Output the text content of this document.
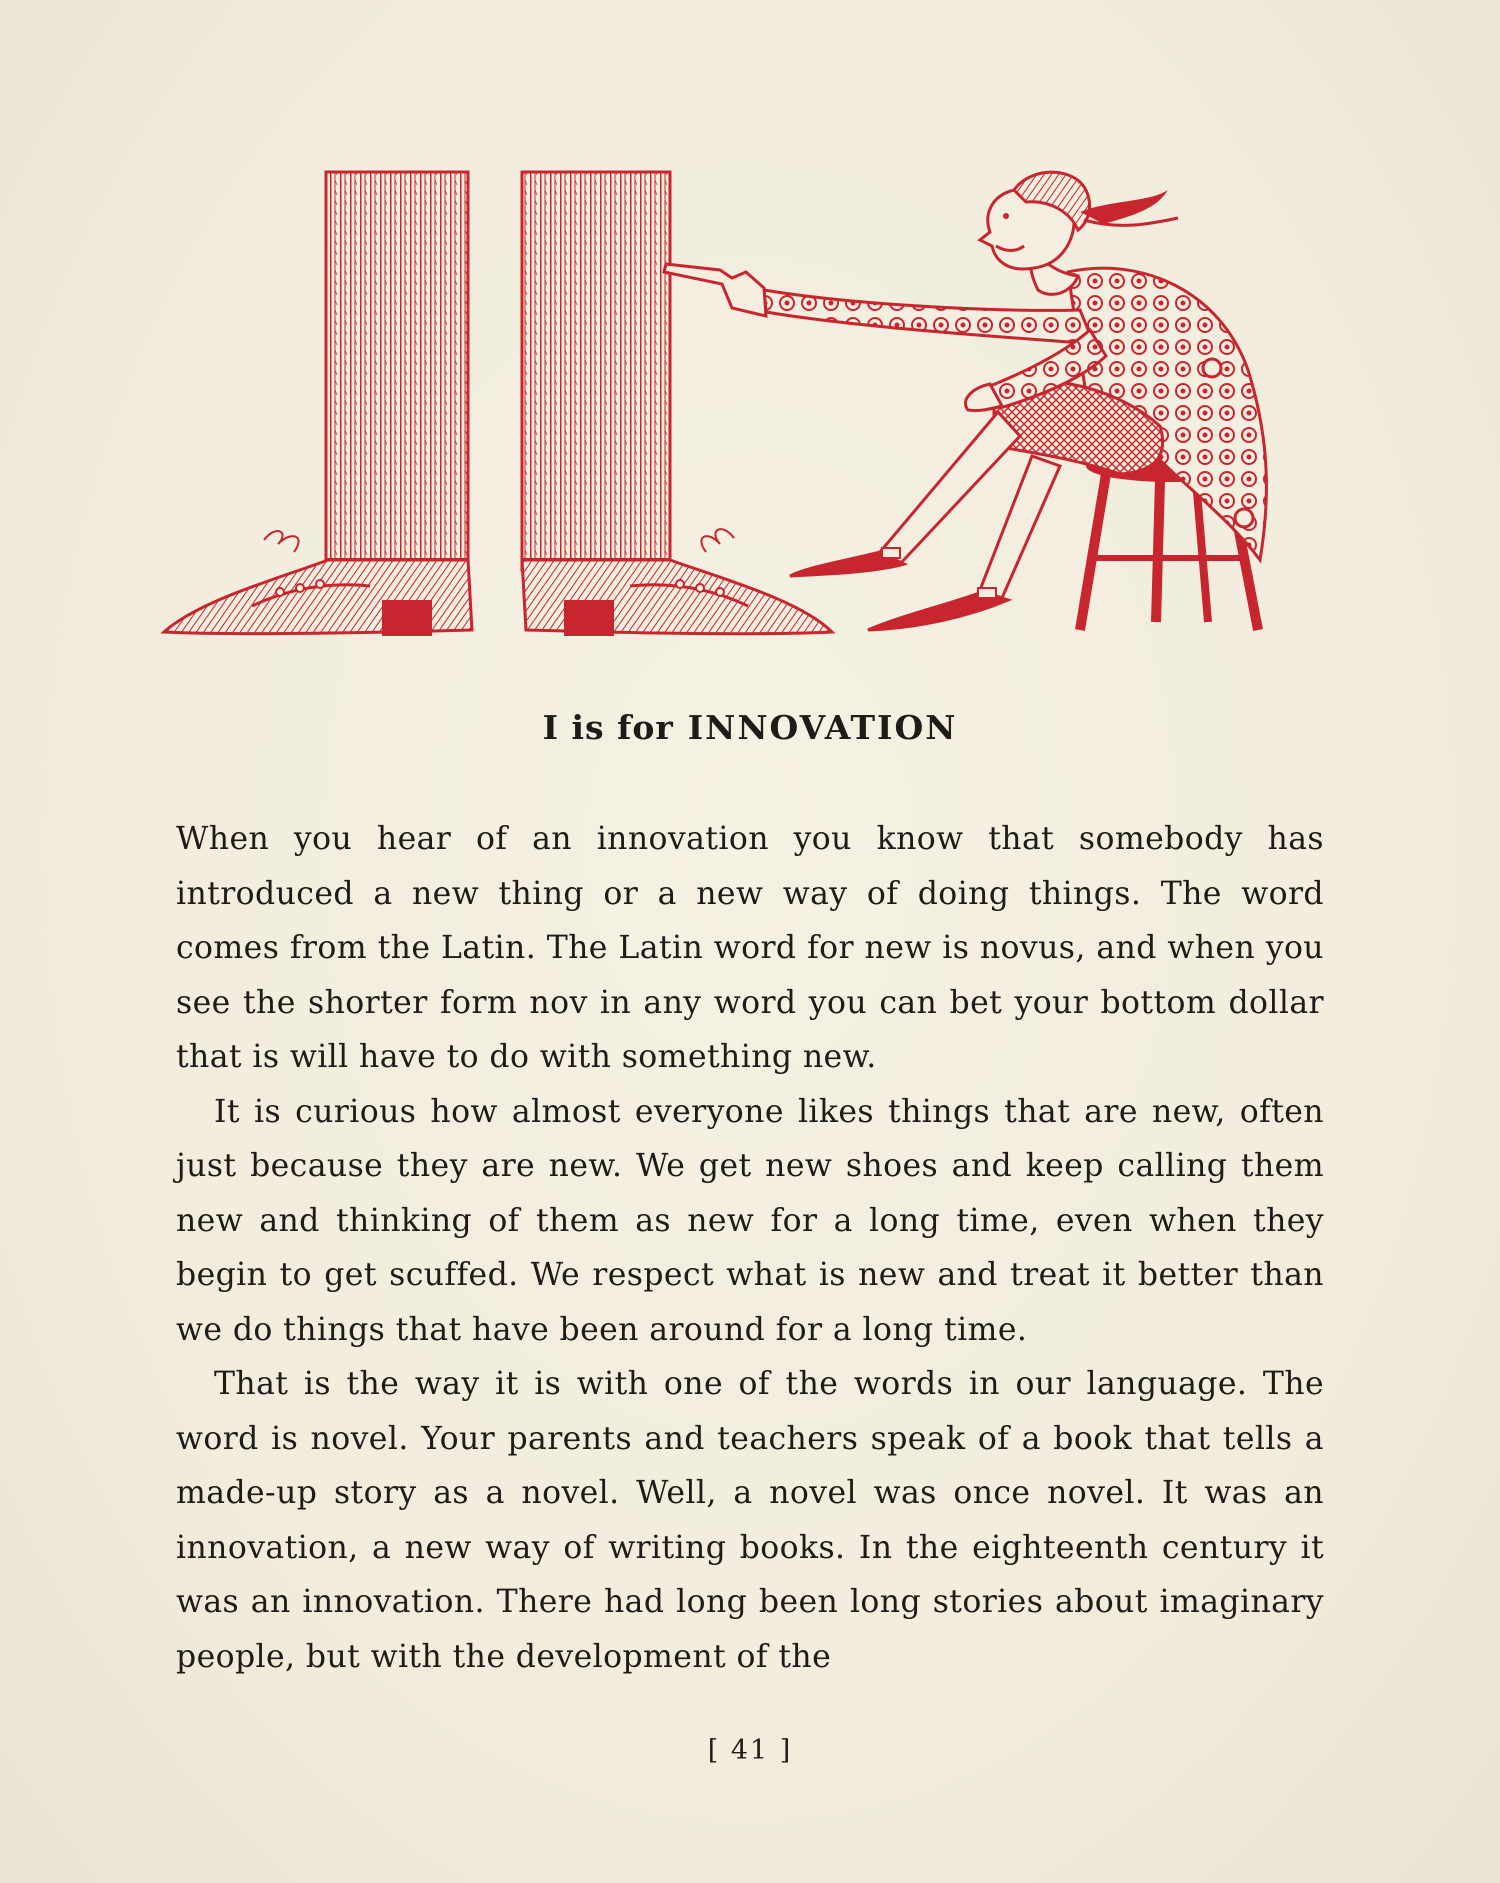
I is for INNOVATION

When you hear of an innovation you know that somebody has introduced a new thing or a new way of doing things. The word comes from the Latin. The Latin word for new is novus, and when you see the shorter form nov in any word you can bet your bottom dollar that is will have to do with something new.

It is curious how almost everyone likes things that are new, often just because they are new. We get new shoes and keep calling them new and thinking of them as new for a long time, even when they begin to get scuffed. We respect what is new and treat it better than we do things that have been around for a long time.

That is the way it is with one of the words in our language. The word is novel. Your parents and teachers speak of a book that tells a made-up story as a novel. Well, a novel was once novel. It was an innovation, a new way of writing books. In the eighteenth century it was an innovation. There had long been long stories about imaginary people, but with the development of the

[ 41 ]
